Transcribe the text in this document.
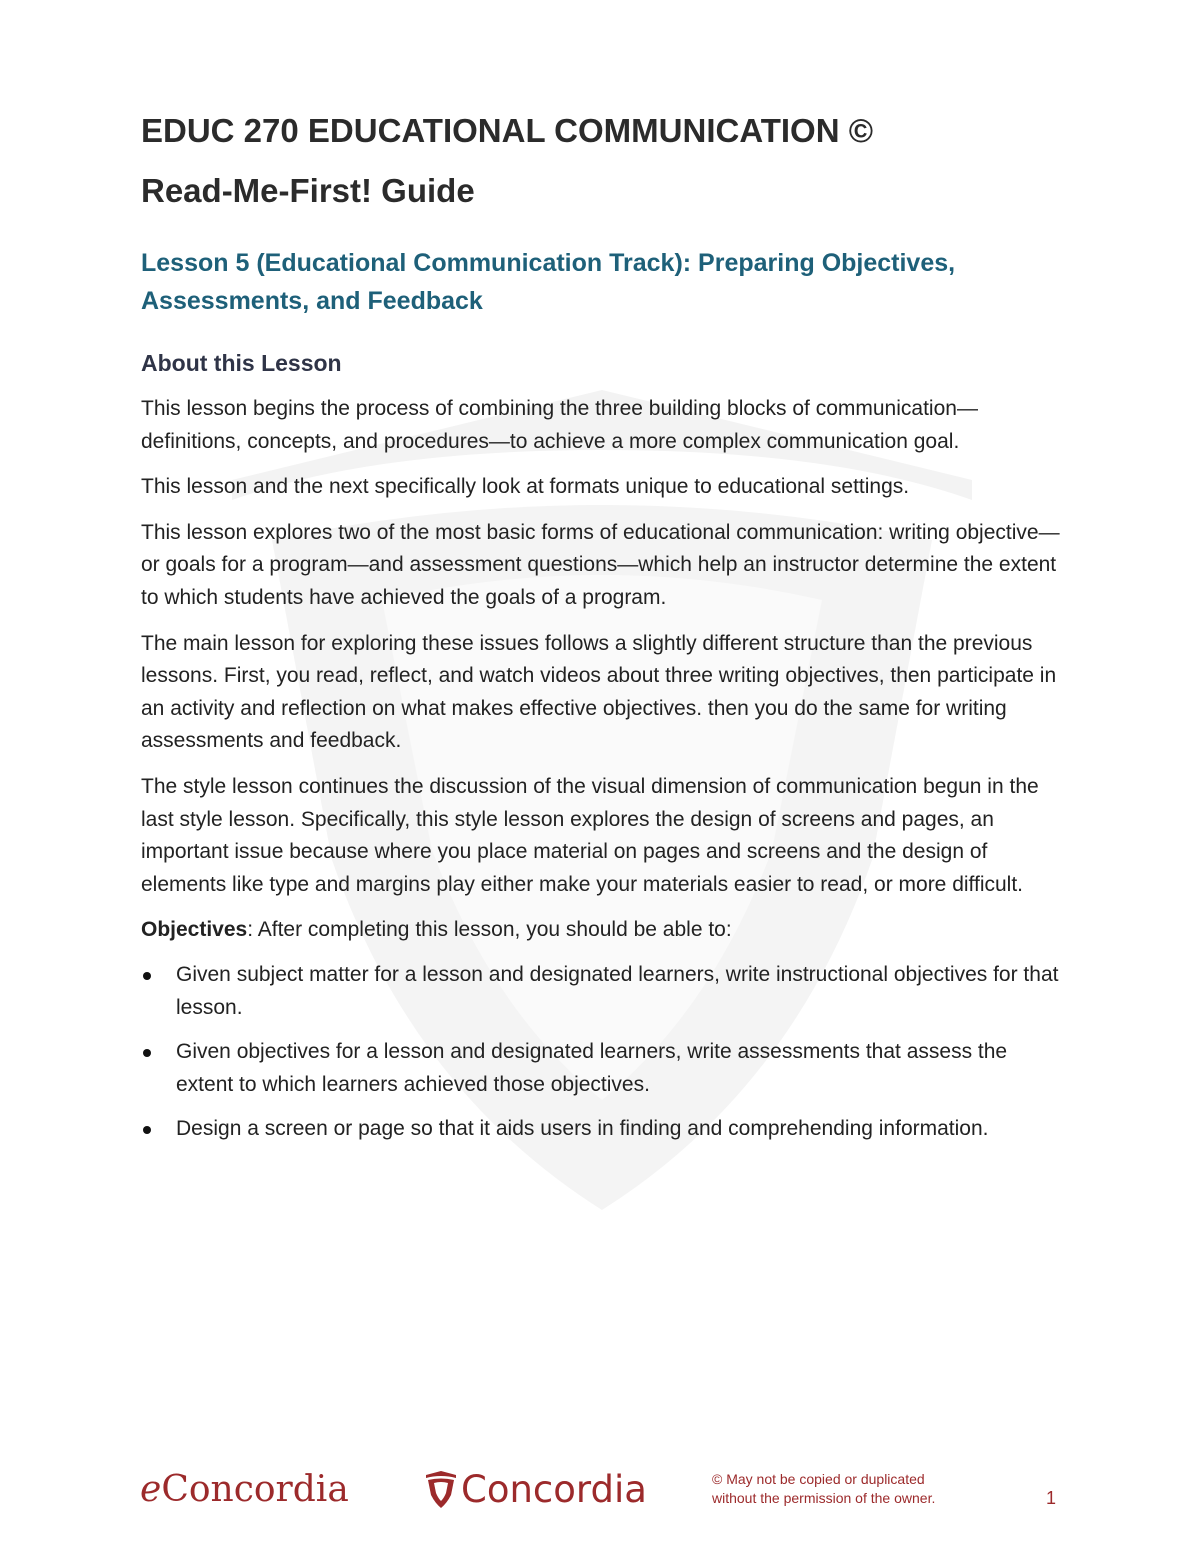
EDUC 270 EDUCATIONAL COMMUNICATION ©
Read-Me-First! Guide
Lesson 5 (Educational Communication Track): Preparing Objectives, Assessments, and Feedback
About this Lesson

This lesson begins the process of combining the three building blocks of communication—definitions, concepts, and procedures—to achieve a more complex communication goal.

This lesson and the next specifically look at formats unique to educational settings.

This lesson explores two of the most basic forms of educational communication: writing objective—or goals for a program—and assessment questions—which help an instructor determine the extent to which students have achieved the goals of a program.

The main lesson for exploring these issues follows a slightly different structure than the previous lessons. First, you read, reflect, and watch videos about three writing objectives, then participate in an activity and reflection on what makes effective objectives. then you do the same for writing assessments and feedback.

The style lesson continues the discussion of the visual dimension of communication begun in the last style lesson. Specifically, this style lesson explores the design of screens and pages, an important issue because where you place material on pages and screens and the design of elements like type and margins play either make your materials easier to read, or more difficult.

Objectives: After completing this lesson, you should be able to:

Given subject matter for a lesson and designated learners, write instructional objectives for that lesson.
Given objectives for a lesson and designated learners, write assessments that assess the extent to which learners achieved those objectives.
Design a screen or page so that it aids users in finding and comprehending information.
eConcordia	Concordia	© May not be copied or duplicated
without the permission of the owner.	1
